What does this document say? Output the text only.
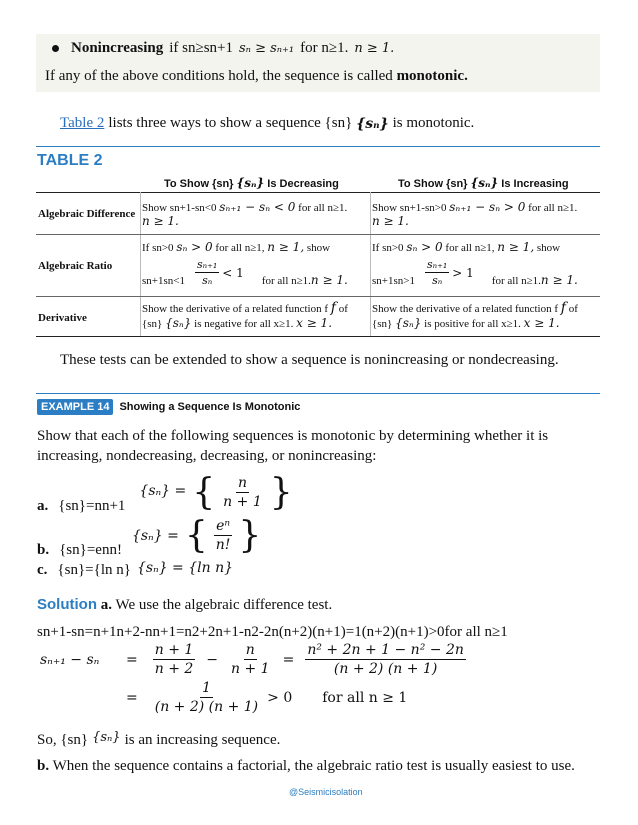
Nonincreasing if sn≥sn+1 sₙ ≥ sₙ₊₁ for n≥1. n ≥ 1.
If any of the above conditions hold, the sequence is called monotonic.
Table 2 lists three ways to show a sequence {sn} {sₙ} is monotonic.
TABLE 2
To Show {sn} {sₙ} Is Decreasing	To Show {sn} {sₙ} Is Increasing
Algebraic Difference Show sn+1-sn<0 sₙ₊₁ − sₙ < 0 for all n≥1.
n ≥ 1.
Show sn+1-sn>0 sₙ₊₁ − sₙ > 0 for all n≥1.
n ≥ 1.
Algebraic Ratio
If sn>0 sₙ > 0 for all n≥1, n ≥ 1, show
$sn+1sn<1 \frac{\text{sₙ₊₁}}{\text{sₙ}} < 1$
for all n≥1. n ≥ 1.
If sn>0 sₙ > 0 for all n≥1, n ≥ 1, show
$sn+1sn>1 \frac{\text{sₙ₊₁}}{\text{sₙ}} > 1$
for all n≥1. n ≥ 1.
Derivative
Show the derivative of a related function f f of
{sn} {sₙ} is negative for all x≥1. x ≥ 1.
Show the derivative of a related function f f of
{sn} {sₙ} is positive for all x≥1. x ≥ 1.
These tests can be extended to show a sequence is nonincreasing or nondecreasing.
EXAMPLE 14 Showing a Sequence Is Monotonic
Show that each of the following sequences is monotonic by determining whether it is increasing, nondecreasing, decreasing, or nonincreasing:
a. {sn}=nn+1
{sₙ} = { $\frac{n}{n + 1}$ }
b. {sn}=enn!
{sₙ} = { $\frac{\text{eⁿ}}{n!}$ }
c. {sn}={ln n} {sₙ} = {ln n}
Solution a. We use the algebraic difference test.
sn+1-sn=n+1n+2-nn+1=n2+2n+1-n2-2n(n+2)(n+1)=1(n+2)(n+1)>0for all n≥1
sₙ₊₁ − sₙ	= $\frac{n + 1}{n + 2} - \frac{n}{n + 1} = \frac{\text{n² + 2n + 1 − n² − 2n}}{(n + 2) (n + 1)}$
= $\frac{1}{(n + 2) (n + 1)} > 0$ for all n ≥ 1
So, {sn} {sₙ} is an increasing sequence.
b. When the sequence contains a factorial, the algebraic ratio test is usually easiest to use.
@Seismicisolation
